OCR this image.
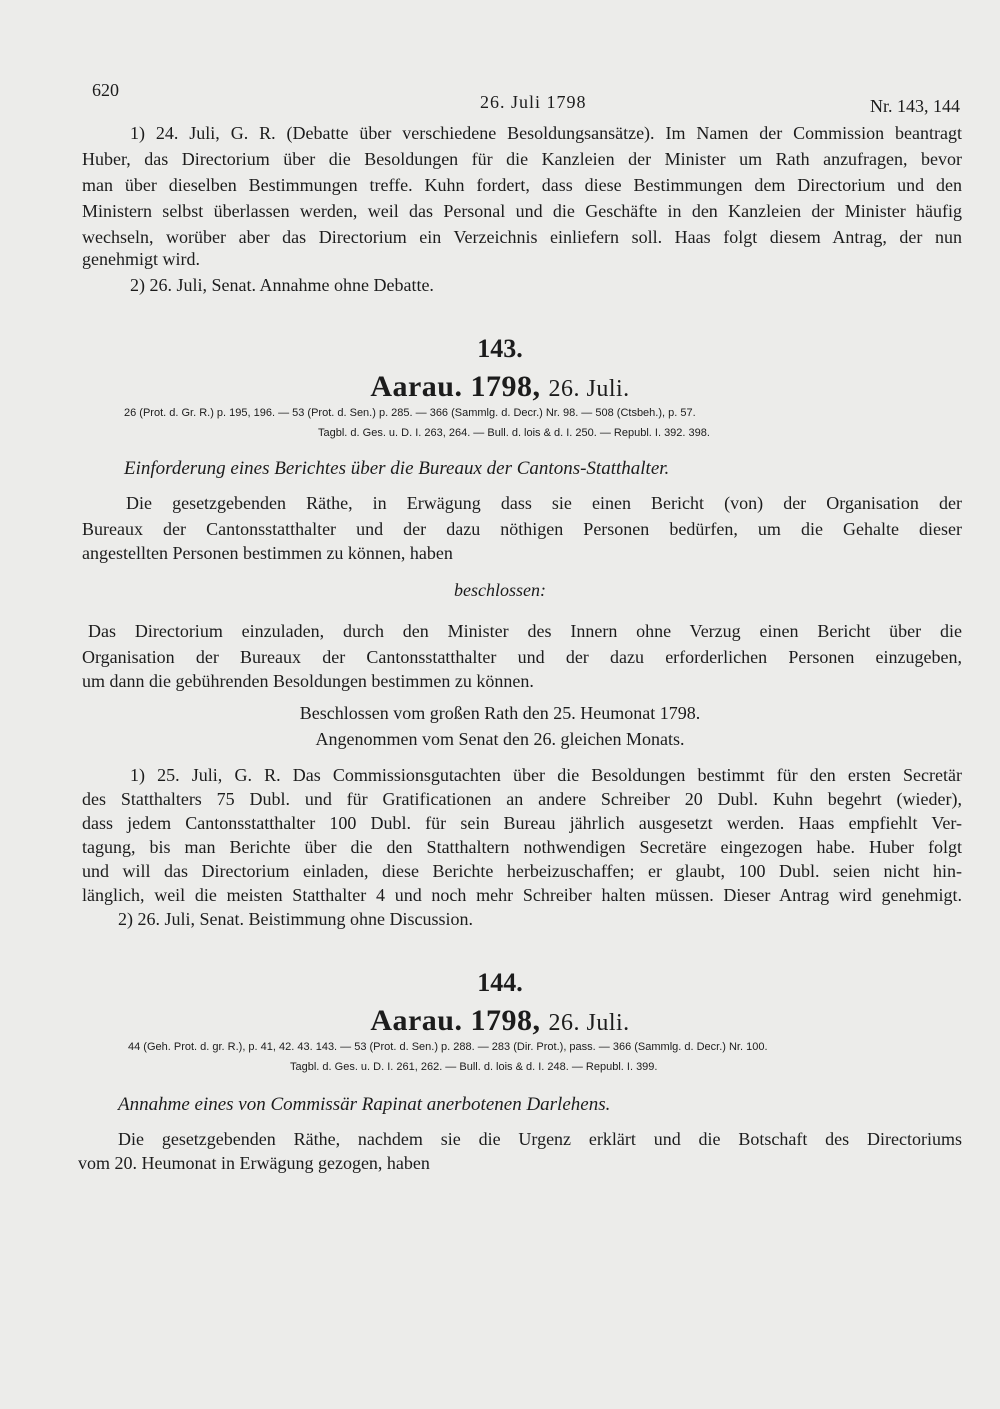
620
26. Juli 1798	Nr. 143, 144
1) 24. Juli, G. R. (Debatte über verschiedene Besoldungsansätze). Im Namen der Commission beantragt
Huber, das Directorium über die Besoldungen für die Kanzleien der Minister um Rath anzufragen, bevor
man über dieselben Bestimmungen treffe. Kuhn fordert, dass diese Bestimmungen dem Directorium und den
Ministern selbst überlassen werden, weil das Personal und die Geschäfte in den Kanzleien der Minister häufig
wechseln, worüber aber das Directorium ein Verzeichnis einliefern soll. Haas folgt diesem Antrag, der nun
genehmigt wird.
2) 26. Juli, Senat. Annahme ohne Debatte.
143.
Aarau. 1798, 26. Juli.
26 (Prot. d. Gr. R.) p. 195, 196. — 53 (Prot. d. Sen.) p. 285. — 366 (Sammlg. d. Decr.) Nr. 98. — 508 (Ctsbeh.), p. 57.
Tagbl. d. Ges. u. D. I. 263, 264. — Bull. d. lois & d. I. 250. — Republ. I. 392. 398.
Einforderung eines Berichtes über die Bureaux der Cantons-Statthalter.
Die gesetzgebenden Räthe, in Erwägung dass sie einen Bericht (von) der Organisation der
Bureaux der Cantonsstatthalter und der dazu nöthigen Personen bedürfen, um die Gehalte dieser
angestellten Personen bestimmen zu können, haben
beschlossen:
Das Directorium einzuladen, durch den Minister des Innern ohne Verzug einen Bericht über die
Organisation der Bureaux der Cantonsstatthalter und der dazu erforderlichen Personen einzugeben,
um dann die gebührenden Besoldungen bestimmen zu können.
Beschlossen vom großen Rath den 25. Heumonat 1798.
Angenommen vom Senat den 26. gleichen Monats.
1) 25. Juli, G. R. Das Commissionsgutachten über die Besoldungen bestimmt für den ersten Secretär
des Statthalters 75 Dubl. und für Gratificationen an andere Schreiber 20 Dubl. Kuhn begehrt (wieder),
dass jedem Cantonsstatthalter 100 Dubl. für sein Bureau jährlich ausgesetzt werden. Haas empfiehlt Ver-
tagung, bis man Berichte über die den Statthaltern nothwendigen Secretäre eingezogen habe. Huber folgt
und will das Directorium einladen, diese Berichte herbeizuschaffen; er glaubt, 100 Dubl. seien nicht hin-
länglich, weil die meisten Statthalter 4 und noch mehr Schreiber halten müssen. Dieser Antrag wird genehmigt.
2) 26. Juli, Senat. Beistimmung ohne Discussion.
144.
Aarau. 1798, 26. Juli.
44 (Geh. Prot. d. gr. R.), p. 41, 42. 43. 143. — 53 (Prot. d. Sen.) p. 288. — 283 (Dir. Prot.), pass. — 366 (Sammlg. d. Decr.) Nr. 100.
Tagbl. d. Ges. u. D. I. 261, 262. — Bull. d. lois & d. I. 248. — Republ. I. 399.
Annahme eines von Commissär Rapinat anerbotenen Darlehens.
Die gesetzgebenden Räthe, nachdem sie die Urgenz erklärt und die Botschaft des Directoriums
vom 20. Heumonat in Erwägung gezogen, haben
